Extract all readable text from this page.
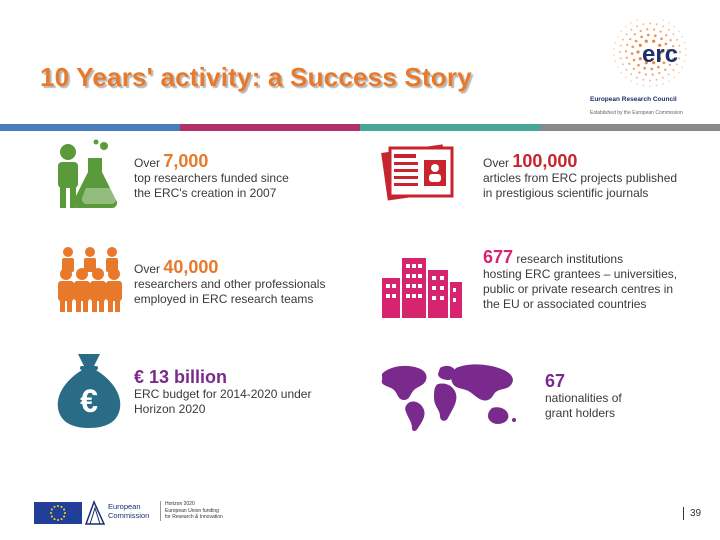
10 Years' activity: a Success Story
erc
European Research Council
Established by the European Commission
€
Over 7,000
top researchers funded since
the ERC's creation in 2007
Over 100,000
articles from ERC projects published
in prestigious scientific journals
Over 40,000
researchers and other professionals
employed in ERC research teams
677 research institutions
hosting ERC grantees – universities,
public or private research centres in
the EU or associated countries
€ 13 billion
ERC budget for 2014-2020 under
Horizon 2020
67
nationalities of
grant holders
European
Commission
Horizon 2020
European Union funding
for Research & Innovation	39
